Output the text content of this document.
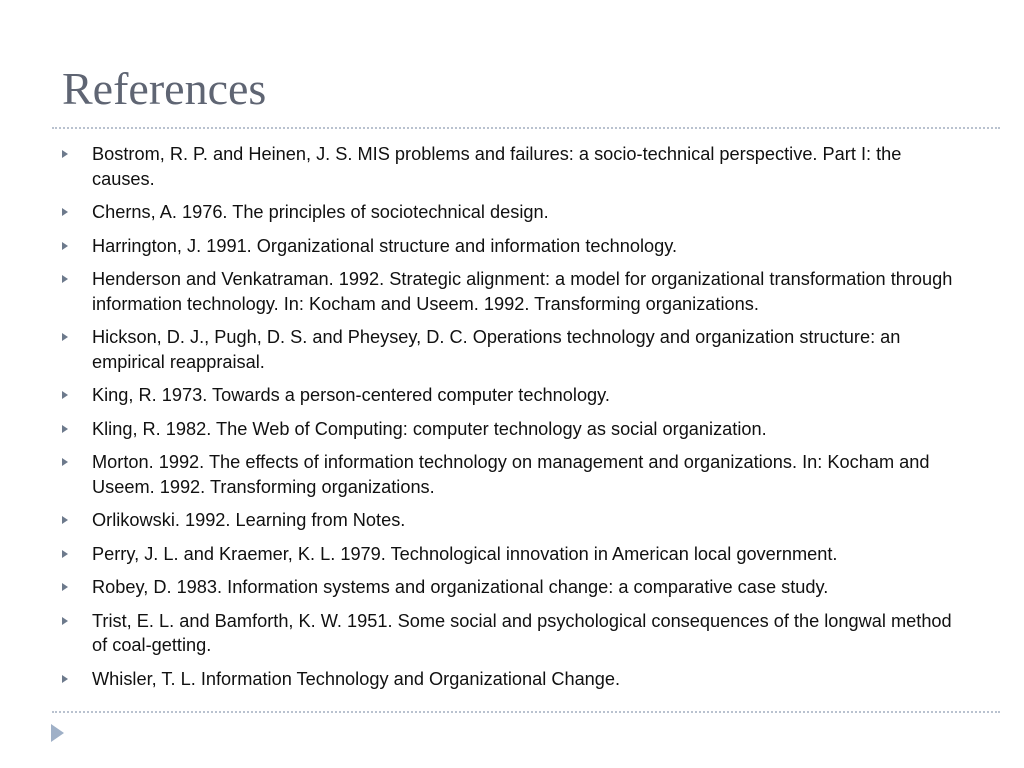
References
Bostrom, R. P. and Heinen, J. S. MIS problems and failures: a socio-technical perspective. Part I: the causes.
Cherns, A. 1976. The principles of sociotechnical design.
Harrington, J. 1991. Organizational structure and information technology.
Henderson and Venkatraman. 1992. Strategic alignment: a model for organizational transformation through information technology. In: Kocham and Useem. 1992. Transforming organizations.
Hickson, D. J., Pugh, D. S. and Pheysey, D. C. Operations technology and organization structure: an empirical reappraisal.
King, R. 1973. Towards a person-centered computer technology.
Kling, R. 1982. The Web of Computing: computer technology as social organization.
Morton. 1992. The effects of information technology on management and organizations. In: Kocham and Useem. 1992. Transforming organizations.
Orlikowski. 1992. Learning from Notes.
Perry, J. L. and Kraemer, K. L. 1979. Technological innovation in American local government.
Robey, D. 1983. Information systems and organizational change: a comparative case study.
Trist, E. L. and Bamforth, K. W. 1951. Some social and psychological consequences of the longwal method of coal-getting.
Whisler, T. L. Information Technology and Organizational Change.
